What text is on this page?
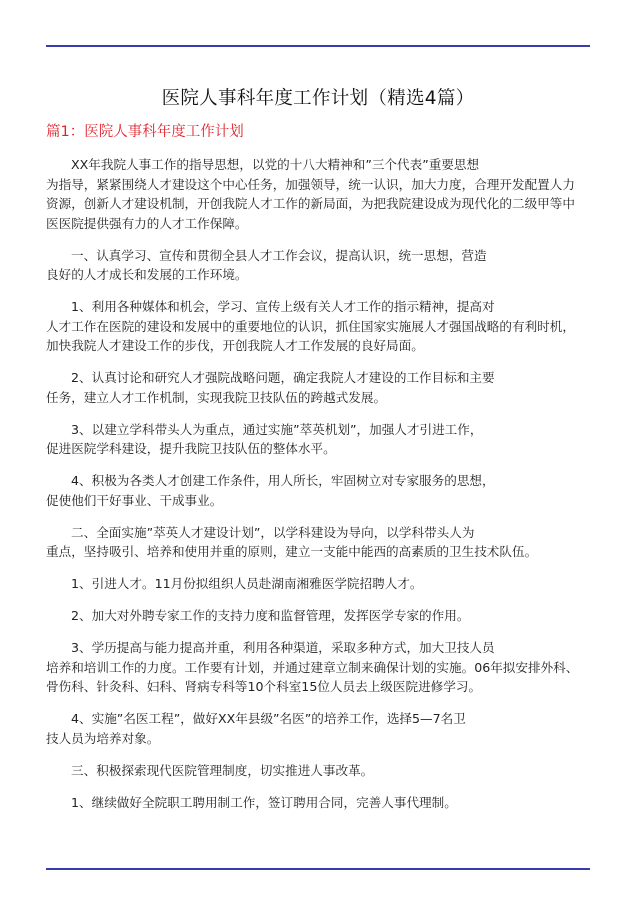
医院人事科年度工作计划（精选4篇）
篇1：医院人事科年度工作计划

XX年我院人事工作的指导思想，以党的十八大精神和”三个代表”重要思想
为指导，紧紧围绕人才建设这个中心任务，加强领导，统一认识，加大力度，合理开发配置人力
资源，创新人才建设机制，开创我院人才工作的新局面，为把我院建设成为现代化的二级甲等中
医医院提供强有力的人才工作保障。

一、认真学习、宣传和贯彻全县人才工作会议，提高认识，统一思想，营造
良好的人才成长和发展的工作环境。

1、利用各种媒体和机会，学习、宣传上级有关人才工作的指示精神，提高对
人才工作在医院的建设和发展中的重要地位的认识，抓住国家实施展人才强国战略的有利时机，
加快我院人才建设工作的步伐，开创我院人才工作发展的良好局面。

2、认真讨论和研究人才强院战略问题，确定我院人才建设的工作目标和主要
任务，建立人才工作机制，实现我院卫技队伍的跨越式发展。

3、以建立学科带头人为重点，通过实施”萃英机划”，加强人才引进工作，
促进医院学科建设，提升我院卫技队伍的整体水平。

4、积极为各类人才创建工作条件，用人所长，牢固树立对专家服务的思想，
促使他们干好事业、干成事业。

二、全面实施”萃英人才建设计划”，以学科建设为导向，以学科带头人为
重点，坚持吸引、培养和使用并重的原则，建立一支能中能西的高素质的卫生技术队伍。

1、引进人才。11月份拟组织人员赴湖南湘雅医学院招聘人才。

2、加大对外聘专家工作的支持力度和监督管理，发挥医学专家的作用。

3、学历提高与能力提高并重，利用各种渠道，采取多种方式，加大卫技人员
培养和培训工作的力度。工作要有计划，并通过建章立制来确保计划的实施。06年拟安排外科、
骨伤科、针灸科、妇科、肾病专科等10个科室15位人员去上级医院进修学习。

4、实施”名医工程”，做好XX年县级”名医”的培养工作，选择5—7名卫
技人员为培养对象。

三、积极探索现代医院管理制度，切实推进人事改革。

1、继续做好全院职工聘用制工作，签订聘用合同，完善人事代理制。
